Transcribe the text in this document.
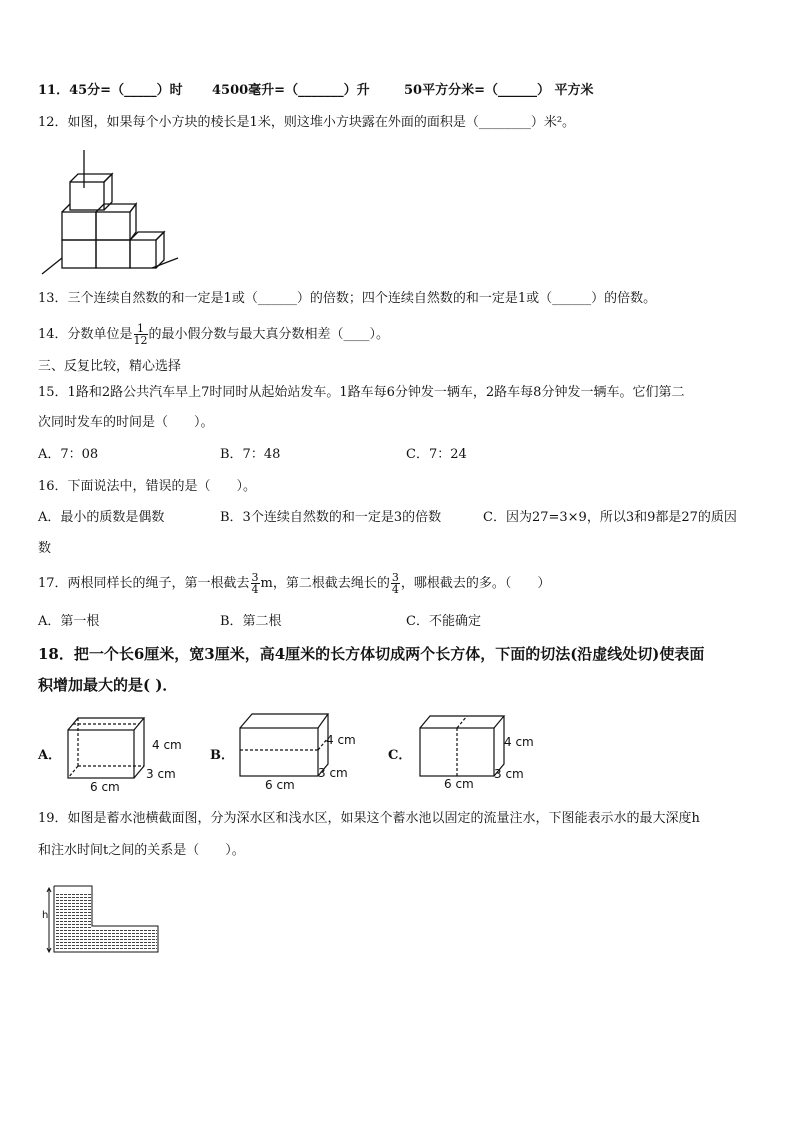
11．45分=（_____）时 4500毫升=（_______）升	50平方分米=（______） 平方米
12．如图，如果每个小方块的棱长是1米，则这堆小方块露在外面的面积是（________）米²。
13．三个连续自然数的和一定是1或（______）的倍数；四个连续自然数的和一定是1或（______）的倍数。
14．分数单位是 $\frac{1}{12}$ 的最小假分数与最大真分数相差（____）。
三、反复比较，精心选择
15．1路和2路公共汽车早上7时同时从起始站发车。1路车每6分钟发一辆车，2路车每8分钟发一辆车。它们第二
次同时发车的时间是（　　）。
A．7：08	B．7：48	C．7：24
16．下面说法中，错误的是（　　）。
A．最小的质数是偶数	B．3个连续自然数的和一定是3的倍数	C．因为27=3×9，所以3和9都是27的质因
数
17．两根同样长的绳子，第一根截去 $\frac{3}{4}$ m，第二根截去绳长的 $\frac{3}{4}$ ，哪根截去的多。（　　）
A．第一根	B．第二根	C．不能确定
18．把一个长6厘米，宽3厘米，高4厘米的长方体切成两个长方体，下面的切法(沿虚线处切)使表面
积增加最大的是( )．
A．
4 cm
3 cm
6 cm
B．
4 cm
3 cm
6 cm
C．
4 cm
3 cm
6 cm
19．如图是蓄水池横截面图，分为深水区和浅水区，如果这个蓄水池以固定的流量注水，下图能表示水的最大深度h
和注水时间t之间的关系是（　　）。
h
